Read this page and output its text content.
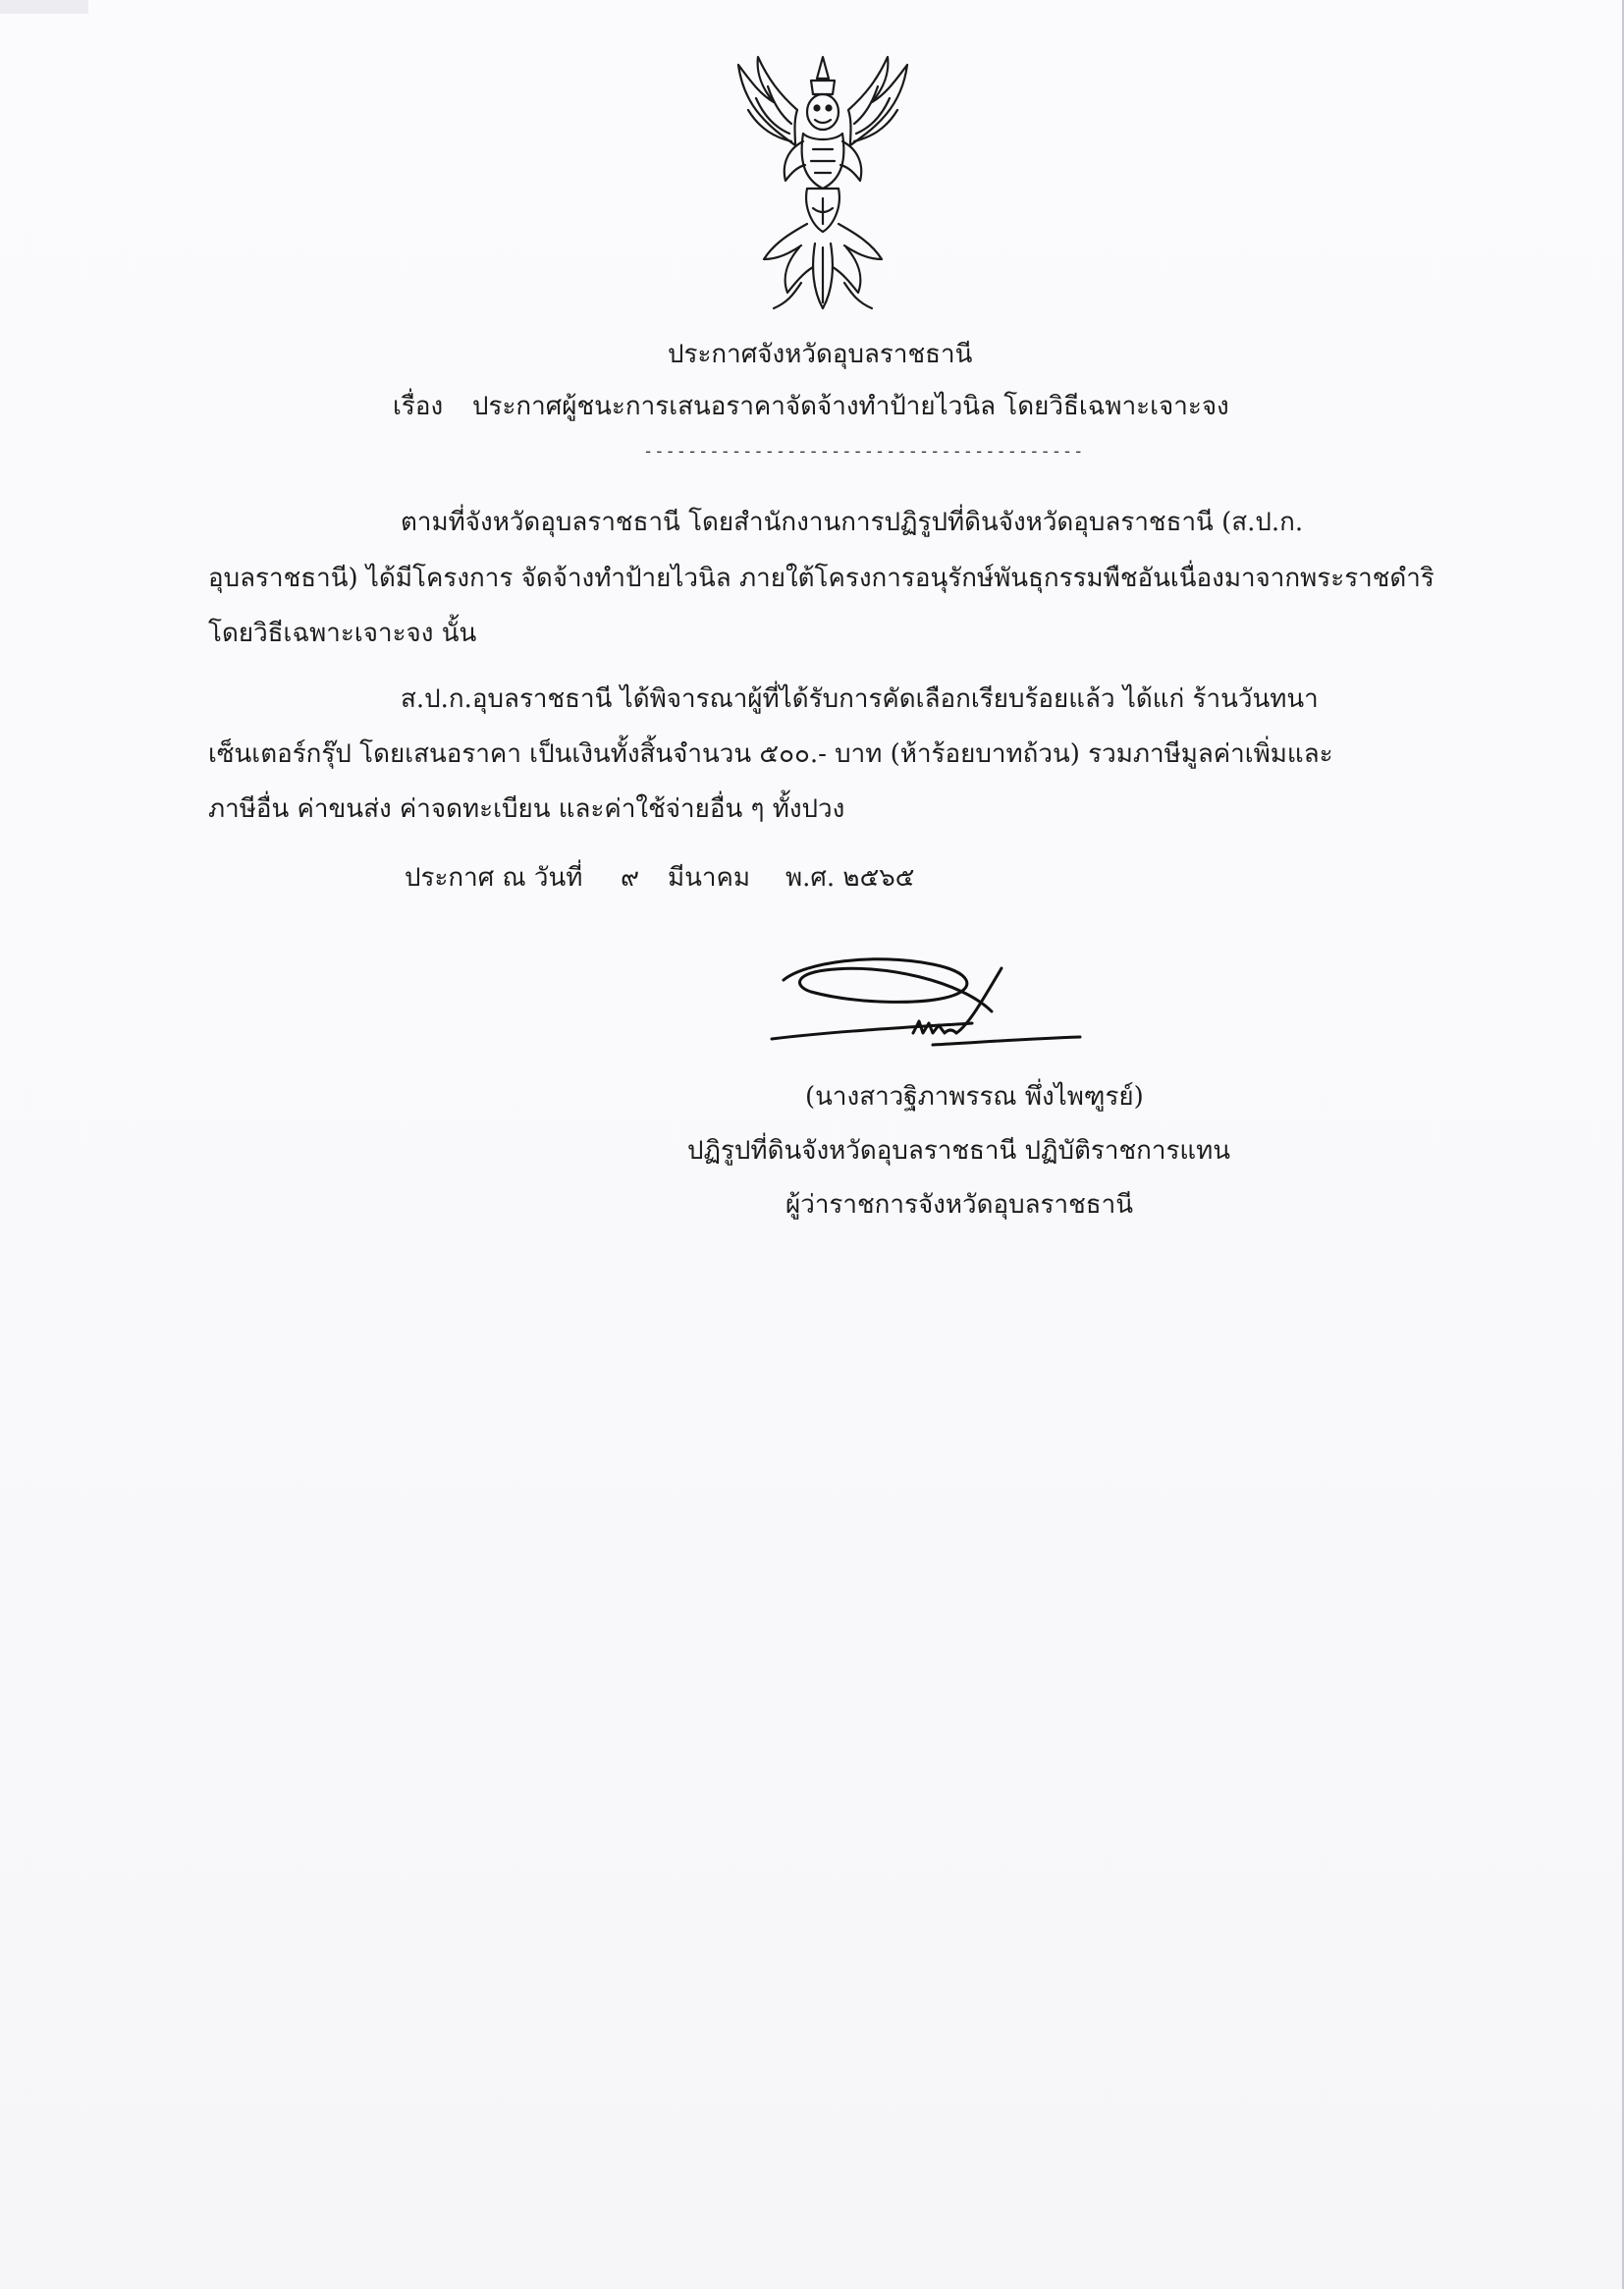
ประกาศจังหวัดอุบลราชธานี
เรื่อง ประกาศผู้ชนะการเสนอราคาจัดจ้างทำป้ายไวนิล โดยวิธีเฉพาะเจาะจง
----------------------------------------
ตามที่จังหวัดอุบลราชธานี โดยสำนักงานการปฏิรูปที่ดินจังหวัดอุบลราชธานี (ส.ป.ก.
อุบลราชธานี) ได้มีโครงการ จัดจ้างทำป้ายไวนิล ภายใต้โครงการอนุรักษ์พันธุกรรมพืชอันเนื่องมาจากพระราชดำริ
โดยวิธีเฉพาะเจาะจง นั้น
ส.ป.ก.อุบลราชธานี ได้พิจารณาผู้ที่ได้รับการคัดเลือกเรียบร้อยแล้ว ได้แก่ ร้านวันทนา
เซ็นเตอร์กรุ๊ป โดยเสนอราคา เป็นเงินทั้งสิ้นจำนวน ๕๐๐.- บาท (ห้าร้อยบาทถ้วน) รวมภาษีมูลค่าเพิ่มและ
ภาษีอื่น ค่าขนส่ง ค่าจดทะเบียน และค่าใช้จ่ายอื่น ๆ ทั้งปวง
ประกาศ ณ วันที่ ๙ มีนาคม พ.ศ. ๒๕๖๕
(นางสาวฐิภาพรรณ พึ่งไพฑูรย์)
ปฏิรูปที่ดินจังหวัดอุบลราชธานี ปฏิบัติราชการแทน
ผู้ว่าราชการจังหวัดอุบลราชธานี
